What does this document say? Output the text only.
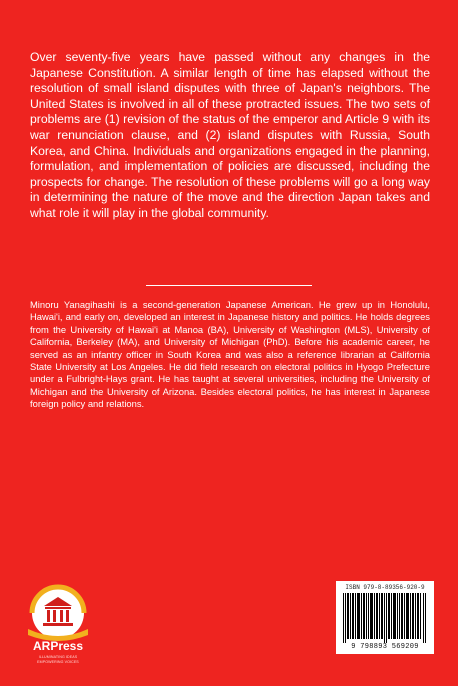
Over seventy-five years have passed without any changes in the Japanese Constitution. A similar length of time has elapsed without the resolution of small island disputes with three of Japan's neighbors. The United States is involved in all of these protracted issues. The two sets of problems are (1) revision of the status of the emperor and Article 9 with its war renunciation clause, and (2) island disputes with Russia, South Korea, and China. Individuals and organizations engaged in the planning, formulation, and implementation of policies are discussed, including the prospects for change. The resolution of these problems will go a long way in determining the nature of the move and the direction Japan takes and what role it will play in the global community.
Minoru Yanagihashi is a second-generation Japanese American. He grew up in Honolulu, Hawai'i, and early on, developed an interest in Japanese history and politics. He holds degrees from the University of Hawai'i at Manoa (BA), University of Washington (MLS), University of California, Berkeley (MA), and University of Michigan (PhD). Before his academic career, he served as an infantry officer in South Korea and was also a reference librarian at California State University at Los Angeles. He did field research on electoral politics in Hyogo Prefecture under a Fulbright-Hays grant. He has taught at several universities, including the University of Michigan and the University of Arizona. Besides electoral politics, he has interest in Japanese foreign policy and relations.
ARPress
ILLUMINATING IDEAS
EMPOWERING VOICES
ISBN 979-8-89356-920-9
9 798893 569209
